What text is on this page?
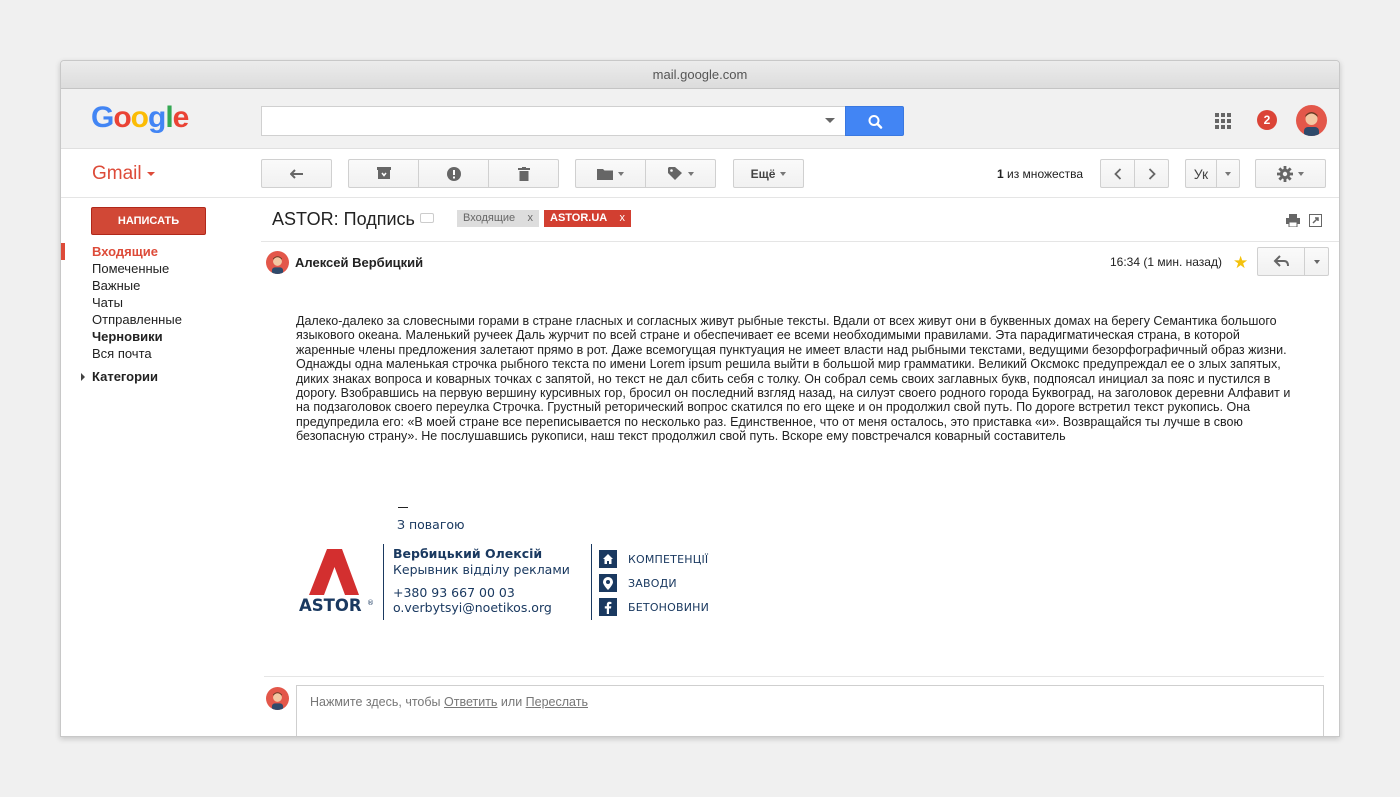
mail.google.com
Google	2
Gmail	Ещё	1 из множества	Ук
НАПИСАТЬ
Входящие
Помеченные
Важные
Чаты
Отправленные
Черновики
Вся почта
Категории
ASTOR: Подпись	Входящие x	ASTOR.UA x
Алексей Вербицкий	16:34 (1 мин. назад) ★
Далеко-далеко за словесными горами в стране гласных и согласных живут рыбные тексты. Вдали от всех живут они в буквенных домах на берегу Семантика большого
языкового океана. Маленький ручеек Даль журчит по всей стране и обеспечивает ее всеми необходимыми правилами. Эта парадигматическая страна, в которой
жаренные члены предложения залетают прямо в рот. Даже всемогущая пунктуация не имеет власти над рыбными текстами, ведущими безорфографичный образ жизни.
Однажды одна маленькая строчка рыбного текста по имени Lorem ipsum решила выйти в большой мир грамматики. Великий Оксмокс предупреждал ее о злых запятых,
диких знаках вопроса и коварных точках с запятой, но текст не дал сбить себя с толку. Он собрал семь своих заглавных букв, подпоясал инициал за пояс и пустился в
дорогу. Взобравшись на первую вершину курсивных гор, бросил он последний взгляд назад, на силуэт своего родного города Буквоград, на заголовок деревни Алфавит и
на подзаголовок своего переулка Строчка. Грустный реторический вопрос скатился по его щеке и он продолжил свой путь. По дороге встретил текст рукопись. Она
предупредила его: «В моей стране все переписывается по несколько раз. Единственное, что от меня осталось, это приставка «и». Возвращайся ты лучше в свою
безопасную страну». Не послушавшись рукописи, наш текст продолжил свой путь. Вскоре ему повстречался коварный составитель
З повагою
ASTOR ®
Вербицький Олексій
Керывник відділу реклами
+380 93 667 00 03
o.verbytsyi@noetikos.org
КОМПЕТЕНЦІЇ
ЗАВОДИ
БЕТОНОВИНИ
Нажмите здесь, чтобы Ответить или Переслать
